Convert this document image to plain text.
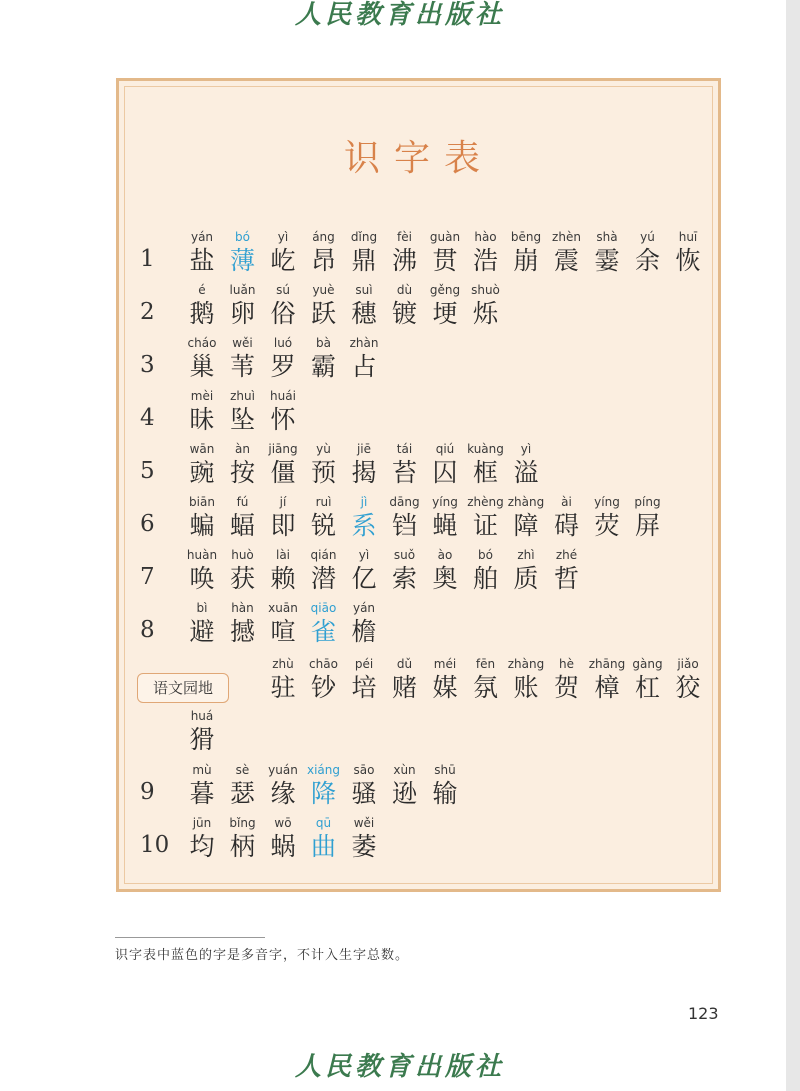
人民教育出版社
识字表
1
yán
盐
bó
薄
yì
屹
áng
昂
dǐng
鼎
fèi
沸
guàn
贯
hào
浩
bēng
崩
zhèn
震
shà
霎
yú
余
huī
恢
2
é
鹅
luǎn
卵
sú
俗
yuè
跃
suì
穗
dù
镀
gěng
埂
shuò
烁
3
cháo
巢
wěi
苇
luó
罗
bà
霸
zhàn
占
4
mèi
昧
zhuì
坠
huái
怀
5
wān
豌
àn
按
jiāng
僵
yù
预
jiē
揭
tái
苔
qiú
囚
kuàng
框
yì
溢
6
biān
蝙
fú
蝠
jí
即
ruì
锐
jì
系
dāng
铛
yíng
蝇
zhèng
证
zhàng
障
ài
碍
yíng
荧
píng
屏
7
huàn
唤
huò
获
lài
赖
qián
潜
yì
亿
suǒ
索
ào
奥
bó
舶
zhì
质
zhé
哲
8
bì
避
hàn
撼
xuān
喧
qiāo
雀
yán
檐
zhù
驻
chāo
钞
péi
培
dǔ
赌
méi
媒
fēn
氛
zhàng
账
hè
贺
zhāng
樟
gàng
杠
jiǎo
狡
huá
猾
9
mù
暮
sè
瑟
yuán
缘
xiáng
降
sāo
骚
xùn
逊
shū
输
10
jūn
均
bǐng
柄
wō
蜗
qū
曲
wěi
萎
识字表中蓝色的字是多音字，不计入生字总数。
123
人民教育出版社
语文园地
